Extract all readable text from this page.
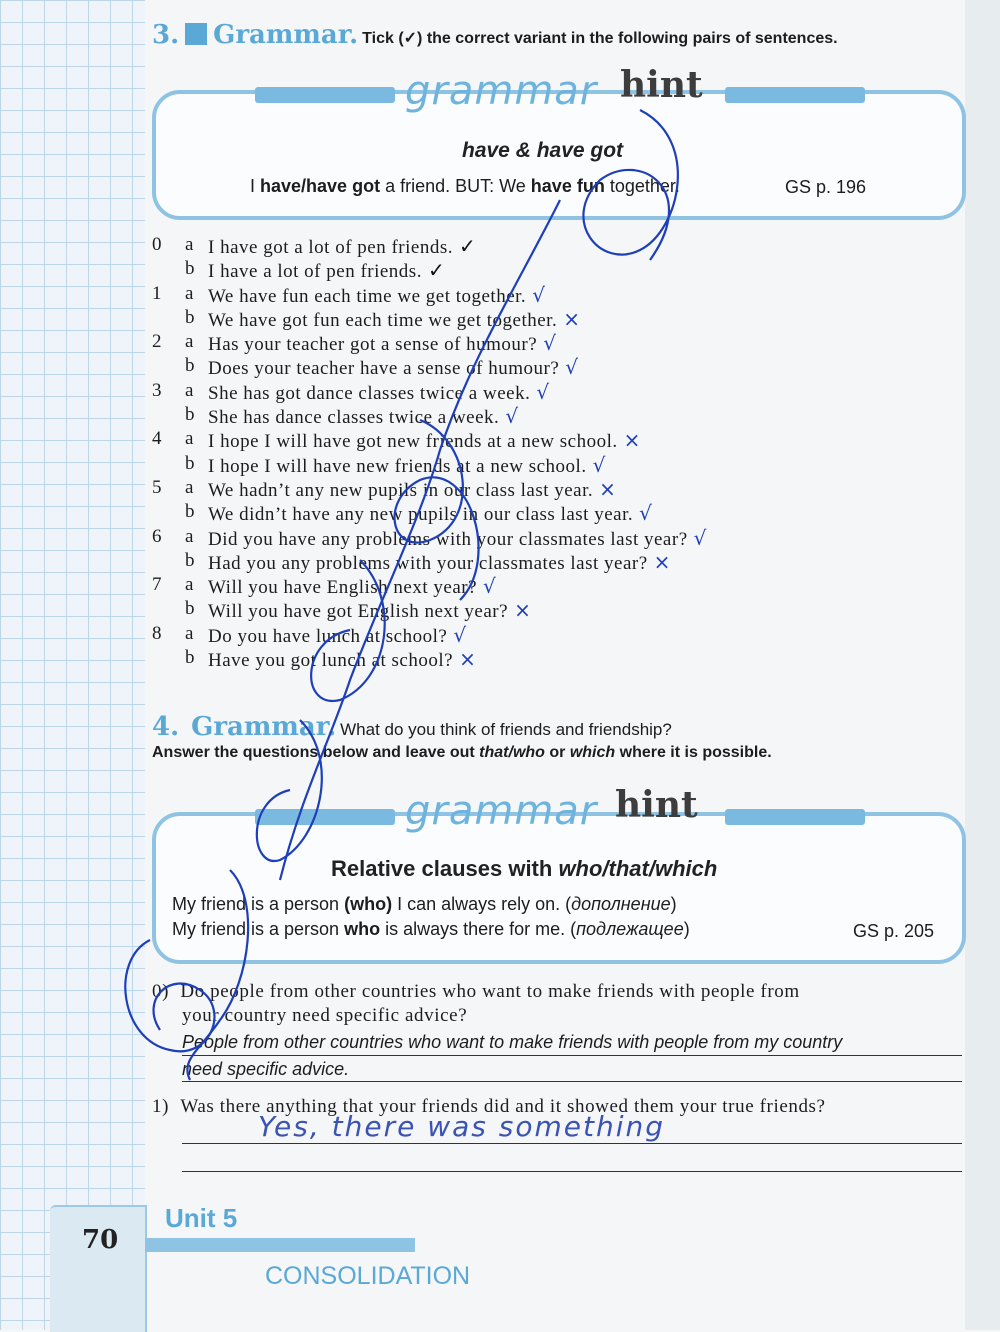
3. Grammar. Tick (✓) the correct variant in the following pairs of sentences.
grammar hint
have & have got
I have/have got a friend. BUT: We have fun together.	GS p. 196
0 a I have got a lot of pen friends. ✓
b I have a lot of pen friends. ✓
1 a We have fun each time we get together. √
b We have got fun each time we get together. ×
2 a Has your teacher got a sense of humour? √
b Does your teacher have a sense of humour? √
3 a She has got dance classes twice a week. √
b She has dance classes twice a week. √
4 a I hope I will have got new friends at a new school. ×
b I hope I will have new friends at a new school. √
5 a We hadn’t any new pupils in our class last year. ×
b We didn’t have any new pupils in our class last year. √
6 a Did you have any problems with your classmates last year? √
b Had you any problems with your classmates last year? ×
7 a Will you have English next year? √
b Will you have got English next year? ×
8 a Do you have lunch at school? √
b Have you got lunch at school? ×
4. Grammar. What do you think of friends and friendship?
Answer the questions below and leave out that/who or which where it is possible.
grammar hint
Relative clauses with who/that/which
My friend is a person (who) I can always rely on. (дополнение)
My friend is a person who is always there for me. (подлежащее)	GS p. 205
0) Do people from other countries who want to make friends with people from
your country need specific advice?
People from other countries who want to make friends with people from my country
need specific advice.
1) Was there anything that your friends did and it showed them your true friends?
Yes, there was something
70
Unit 5
CONSOLIDATION
